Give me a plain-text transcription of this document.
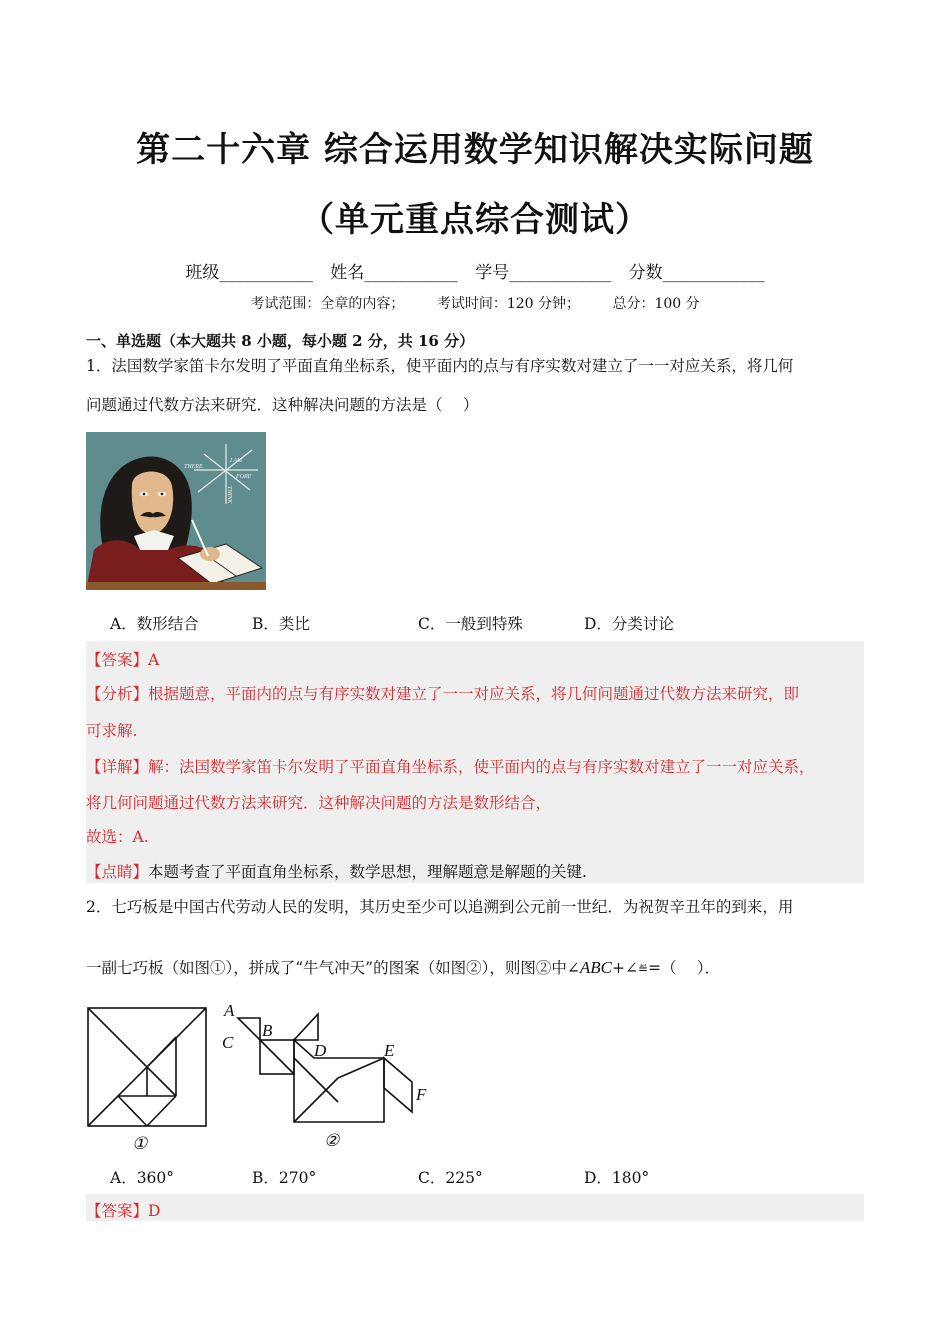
第二十六章 综合运用数学知识解决实际问题
（单元重点综合测试）
班级___________ 姓名___________ 学号____________ 分数____________
考试范围：全章的内容； 考试时间：120 分钟； 总分：100 分
一、单选题（本大题共 8 小题，每小题 2 分，共 16 分）
1．法国数学家笛卡尔发明了平面直角坐标系，使平面内的点与有序实数对建立了一一对应关系，将几何
问题通过代数方法来研究．这种解决问题的方法是（　 ）
THERE
I AM
FORE
THINK
A．数形结合	B．类比	C．一般到特殊	D．分类讨论
【答案】A
【分析】根据题意，平面内的点与有序实数对建立了一一对应关系，将几何问题通过代数方法来研究，即
可求解.
【详解】解：法国数学家笛卡尔发明了平面直角坐标系，使平面内的点与有序实数对建立了一一对应关系，
将几何问题通过代数方法来研究．这种解决问题的方法是数形结合，
故选：A.
【点睛】本题考查了平面直角坐标系，数学思想，理解题意是解题的关键.
2．七巧板是中国古代劳动人民的发明，其历史至少可以追溯到公元前一世纪．为祝贺辛丑年的到来，用
一副七巧板（如图①），拼成了“牛气冲天”的图案（如图②），则图②中∠ABC+∠≝=（　 ）．
①
A
B
C	D	E
F
②
A．360°	B．270°	C．225°	D．180°
【答案】D
